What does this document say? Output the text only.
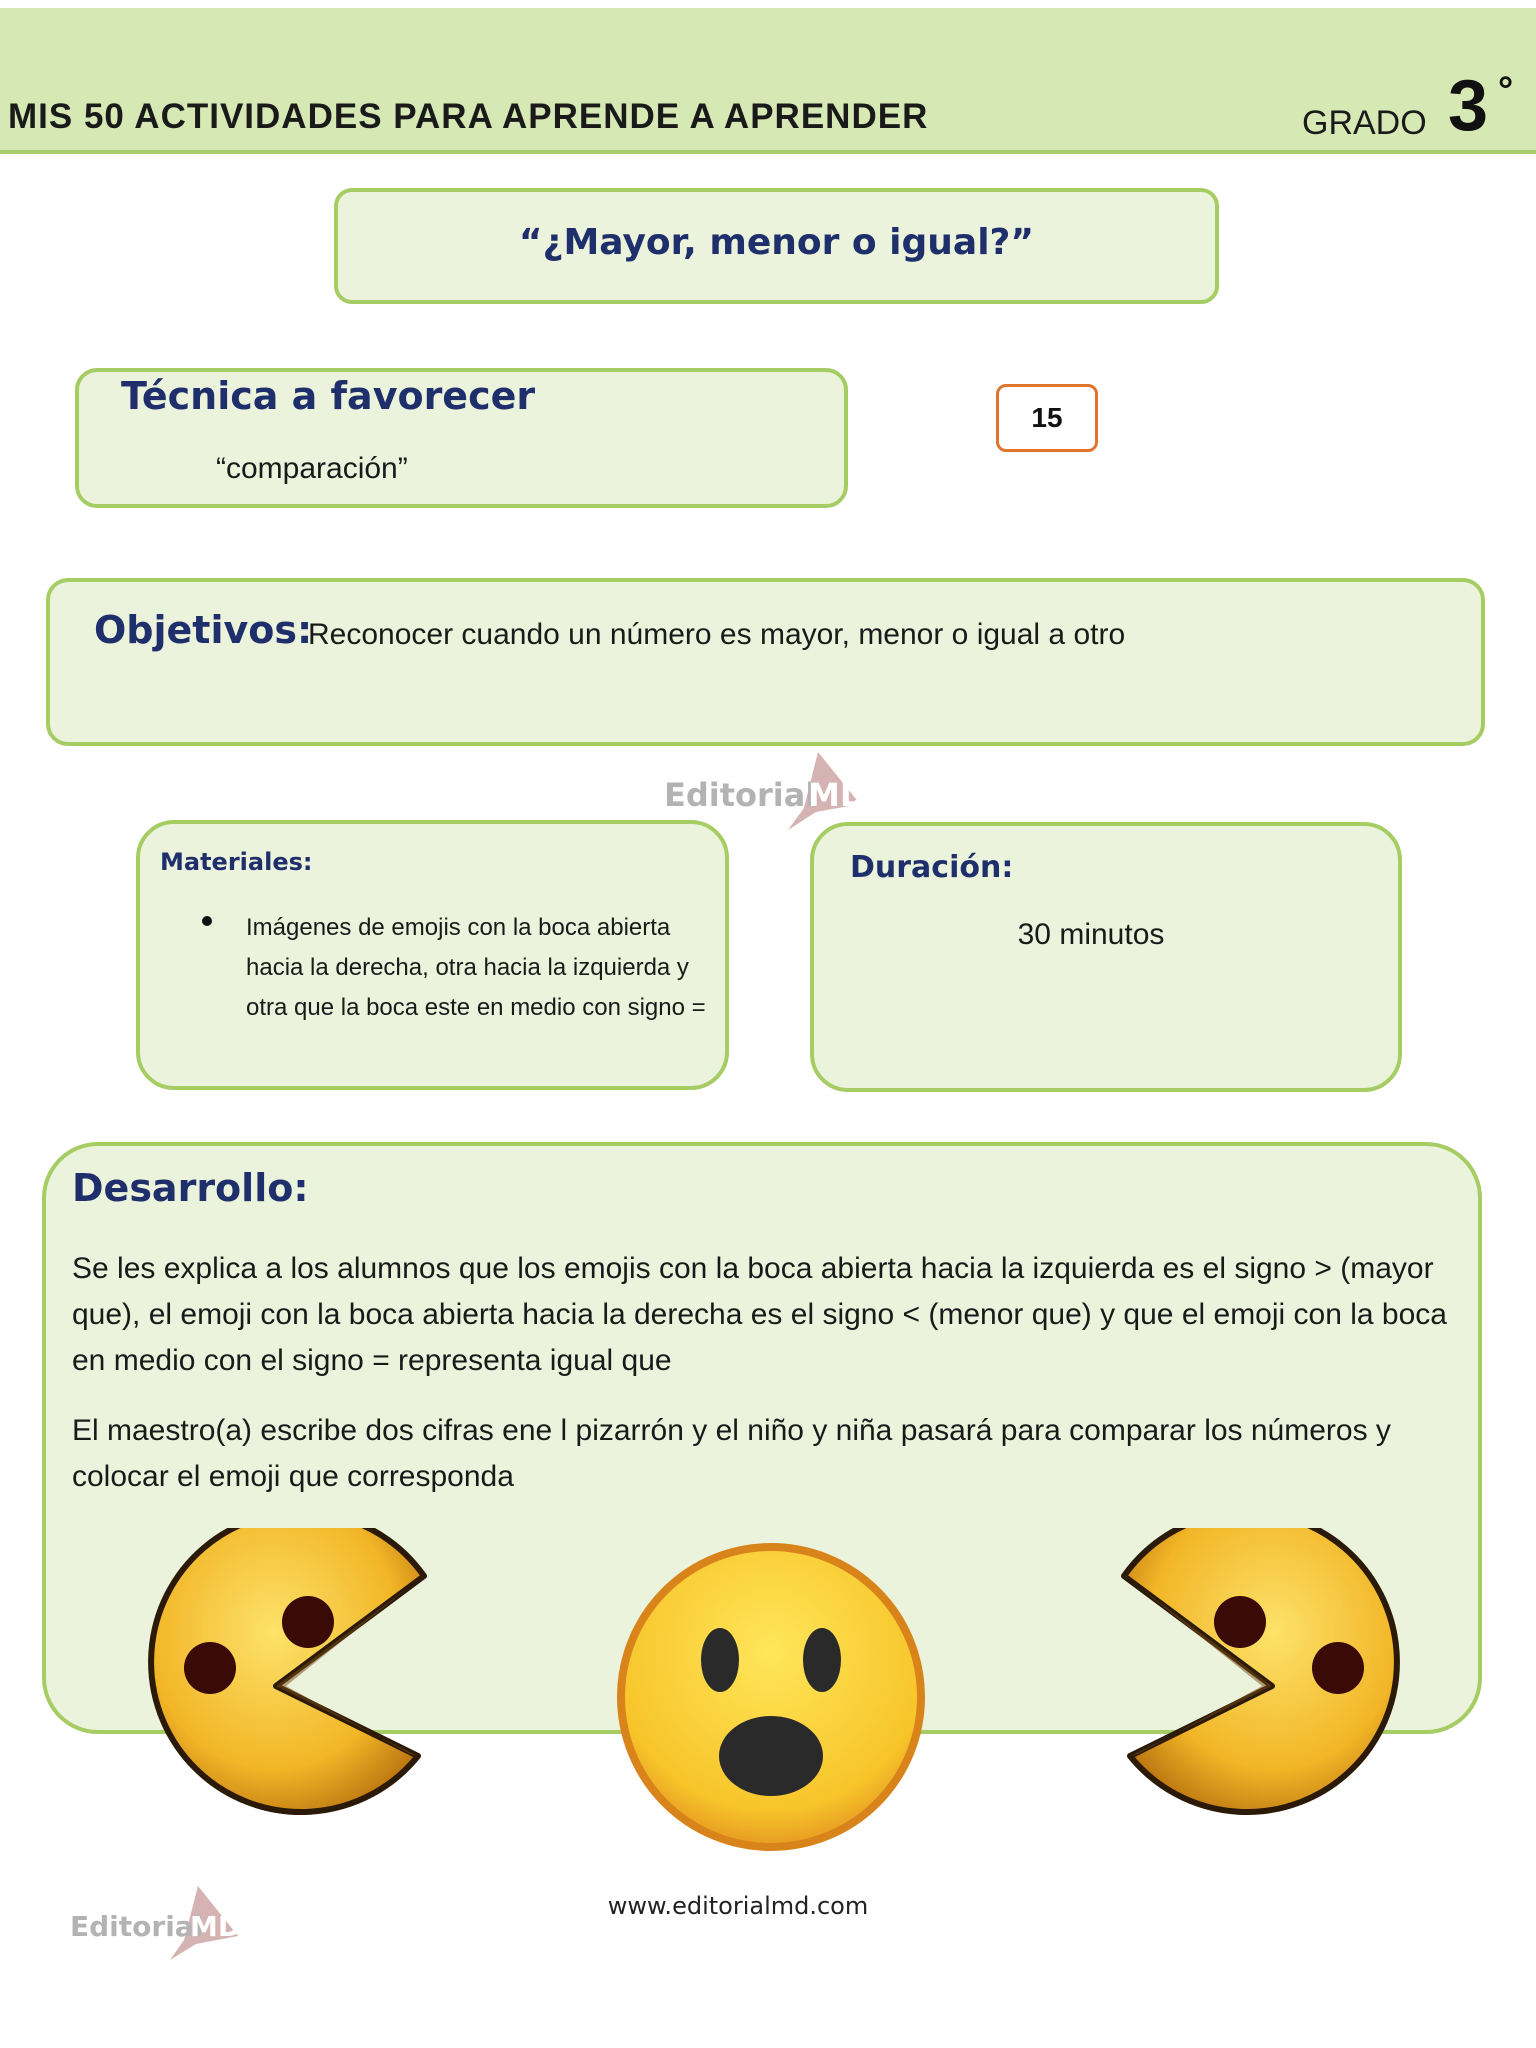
MIS 50 ACTIVIDADES PARA APRENDE A APRENDER	GRADO 3 °
“¿Mayor, menor o igual?”
Técnica a favorecer
“comparación”
15
Objetivos:
Reconocer cuando un número es mayor, menor o igual a otro
Editorial
MD
Materiales:
Imágenes de emojis con la boca abierta hacia la derecha, otra hacia la izquierda y otra que la boca este en medio con signo =
Duración:
30 minutos
Desarrollo:

Se les explica a los alumnos que los emojis con la boca abierta hacia la izquierda es el signo > (mayor que), el emoji con la boca abierta hacia la derecha es el signo < (menor que) y que el emoji con la boca en medio con el signo = representa igual que

El maestro(a) escribe dos cifras ene l pizarrón y el niño y niña pasará para comparar los números y colocar el emoji que corresponda

Editorial
MD
www.editorialmd.com
